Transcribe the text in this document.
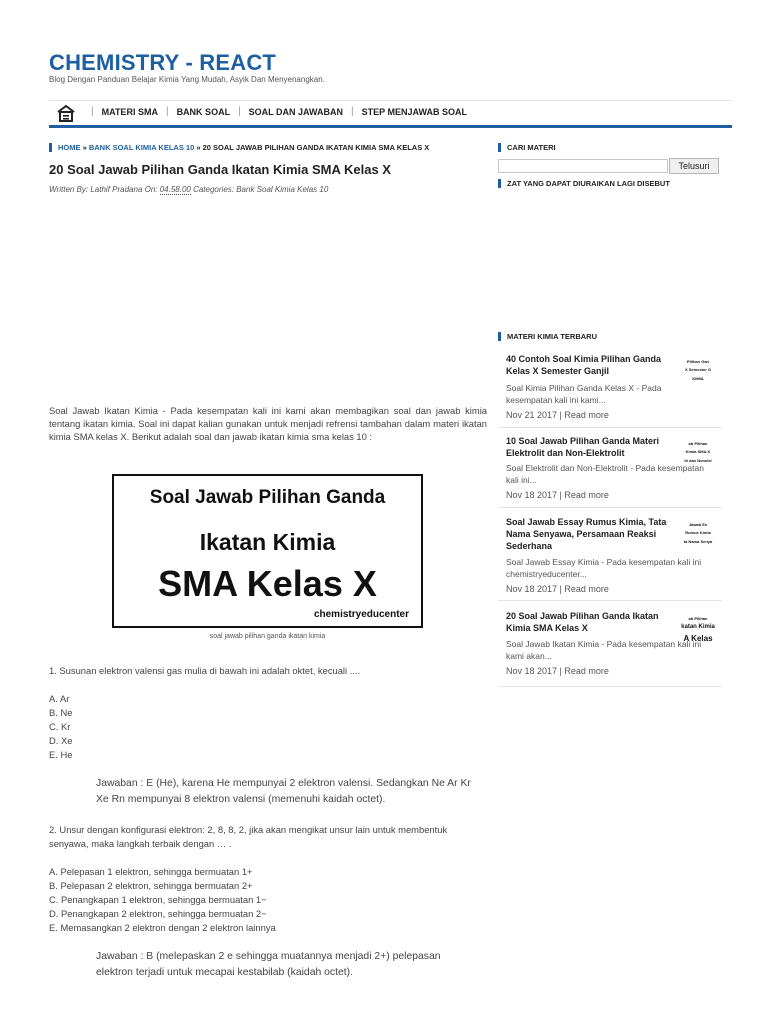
CHEMISTRY - REACT
Blog Dengan Panduan Belajar Kimia Yang Mudah, Asyik Dan Menyenangkan.
| MATERI SMA | BANK SOAL | SOAL DAN JAWABAN | STEP MENJAWAB SOAL
HOME » BANK SOAL KIMIA KELAS 10 » 20 SOAL JAWAB PILIHAN GANDA IKATAN KIMIA SMA KELAS X
20 Soal Jawab Pilihan Ganda Ikatan Kimia SMA Kelas X
Written By: Lathif Pradana On: 04.58.00 Categories: Bank Soal Kimia Kelas 10
Soal Jawab Ikatan Kimia - Pada kesempatan kali ini kami akan membagikan soal dan jawab kimia tentang ikatan kimia. Soal ini dapat kalian gunakan untuk menjadi refrensi tambahan dalam materi ikatan kimia SMA kelas X. Berikut adalah soal dan jawab ikatan kimia sma kelas 10 :
Soal Jawab Pilihan Ganda
Ikatan Kimia
SMA Kelas X
chemistryeducenter
soal jawab pilihan ganda ikatan kimia
1. Susunan elektron valensi gas mulia di bawah ini adalah oktet, kecuali ....
A. Ar
B. Ne
C. Kr
D. Xe
E. He
Jawaban : E (He), karena He mempunyai 2 elektron valensi. Sedangkan Ne Ar Kr Xe Rn mempunyai 8 elektron valensi (memenuhi kaidah octet).
2. Unsur dengan konfigurasi elektron: 2, 8, 8, 2, jika akan mengikat unsur lain untuk membentuk senyawa, maka langkah terbaik dengan … .
A. Pelepasan 1 elektron, sehingga bermuatan 1+
B. Pelepasan 2 elektron, sehingga bermuatan 2+
C. Penangkapan 1 elektron, sehingga bermuatan 1−
D. Penangkapan 2 elektron, sehingga bermuatan 2−
E. Memasangkan 2 elektron dengan 2 elektron lainnya
Jawaban : B (melepaskan 2 e sehingga muatannya menjadi 2+) pelepasan elektron terjadi untuk mecapai kestabilab (kaidah octet).
CARI MATERI
Telusuri
ZAT YANG DAPAT DIURAIKAN LAGI DISEBUT
MATERI KIMIA TERBARU
40 Contoh Soal Kimia Pilihan Ganda Kelas X Semester Ganjil
Pilihan Gan
X Semester G
KIMIA
Soal Kimia Pilihan Ganda Kelas X - Pada kesempatan kali ini kami...
Nov 21 2017 | Read more
10 Soal Jawab Pilihan Ganda Materi Elektrolit dan Non-Elektrolit
ab Pilihan
Kimia SMA K
lit dan Nonelel
Soal Elektrolit dan Non-Elektrolit - Pada kesempatan kali ini...
Nov 18 2017 | Read more
Soal Jawab Essay Rumus Kimia, Tata Nama Senyawa, Persamaan Reaksi Sederhana
Jawab Es
Rumus Kimia
ta Nama Senya
Soal Jawab Essay Kimia - Pada kesempatan kali ini chemistryeducenter...
Nov 18 2017 | Read more
20 Soal Jawab Pilihan Ganda Ikatan Kimia SMA Kelas X
ab Pilihan
katan Kimia
A Kelas
Soal Jawab Ikatan Kimia - Pada kesempatan kali ini kami akan...
Nov 18 2017 | Read more
